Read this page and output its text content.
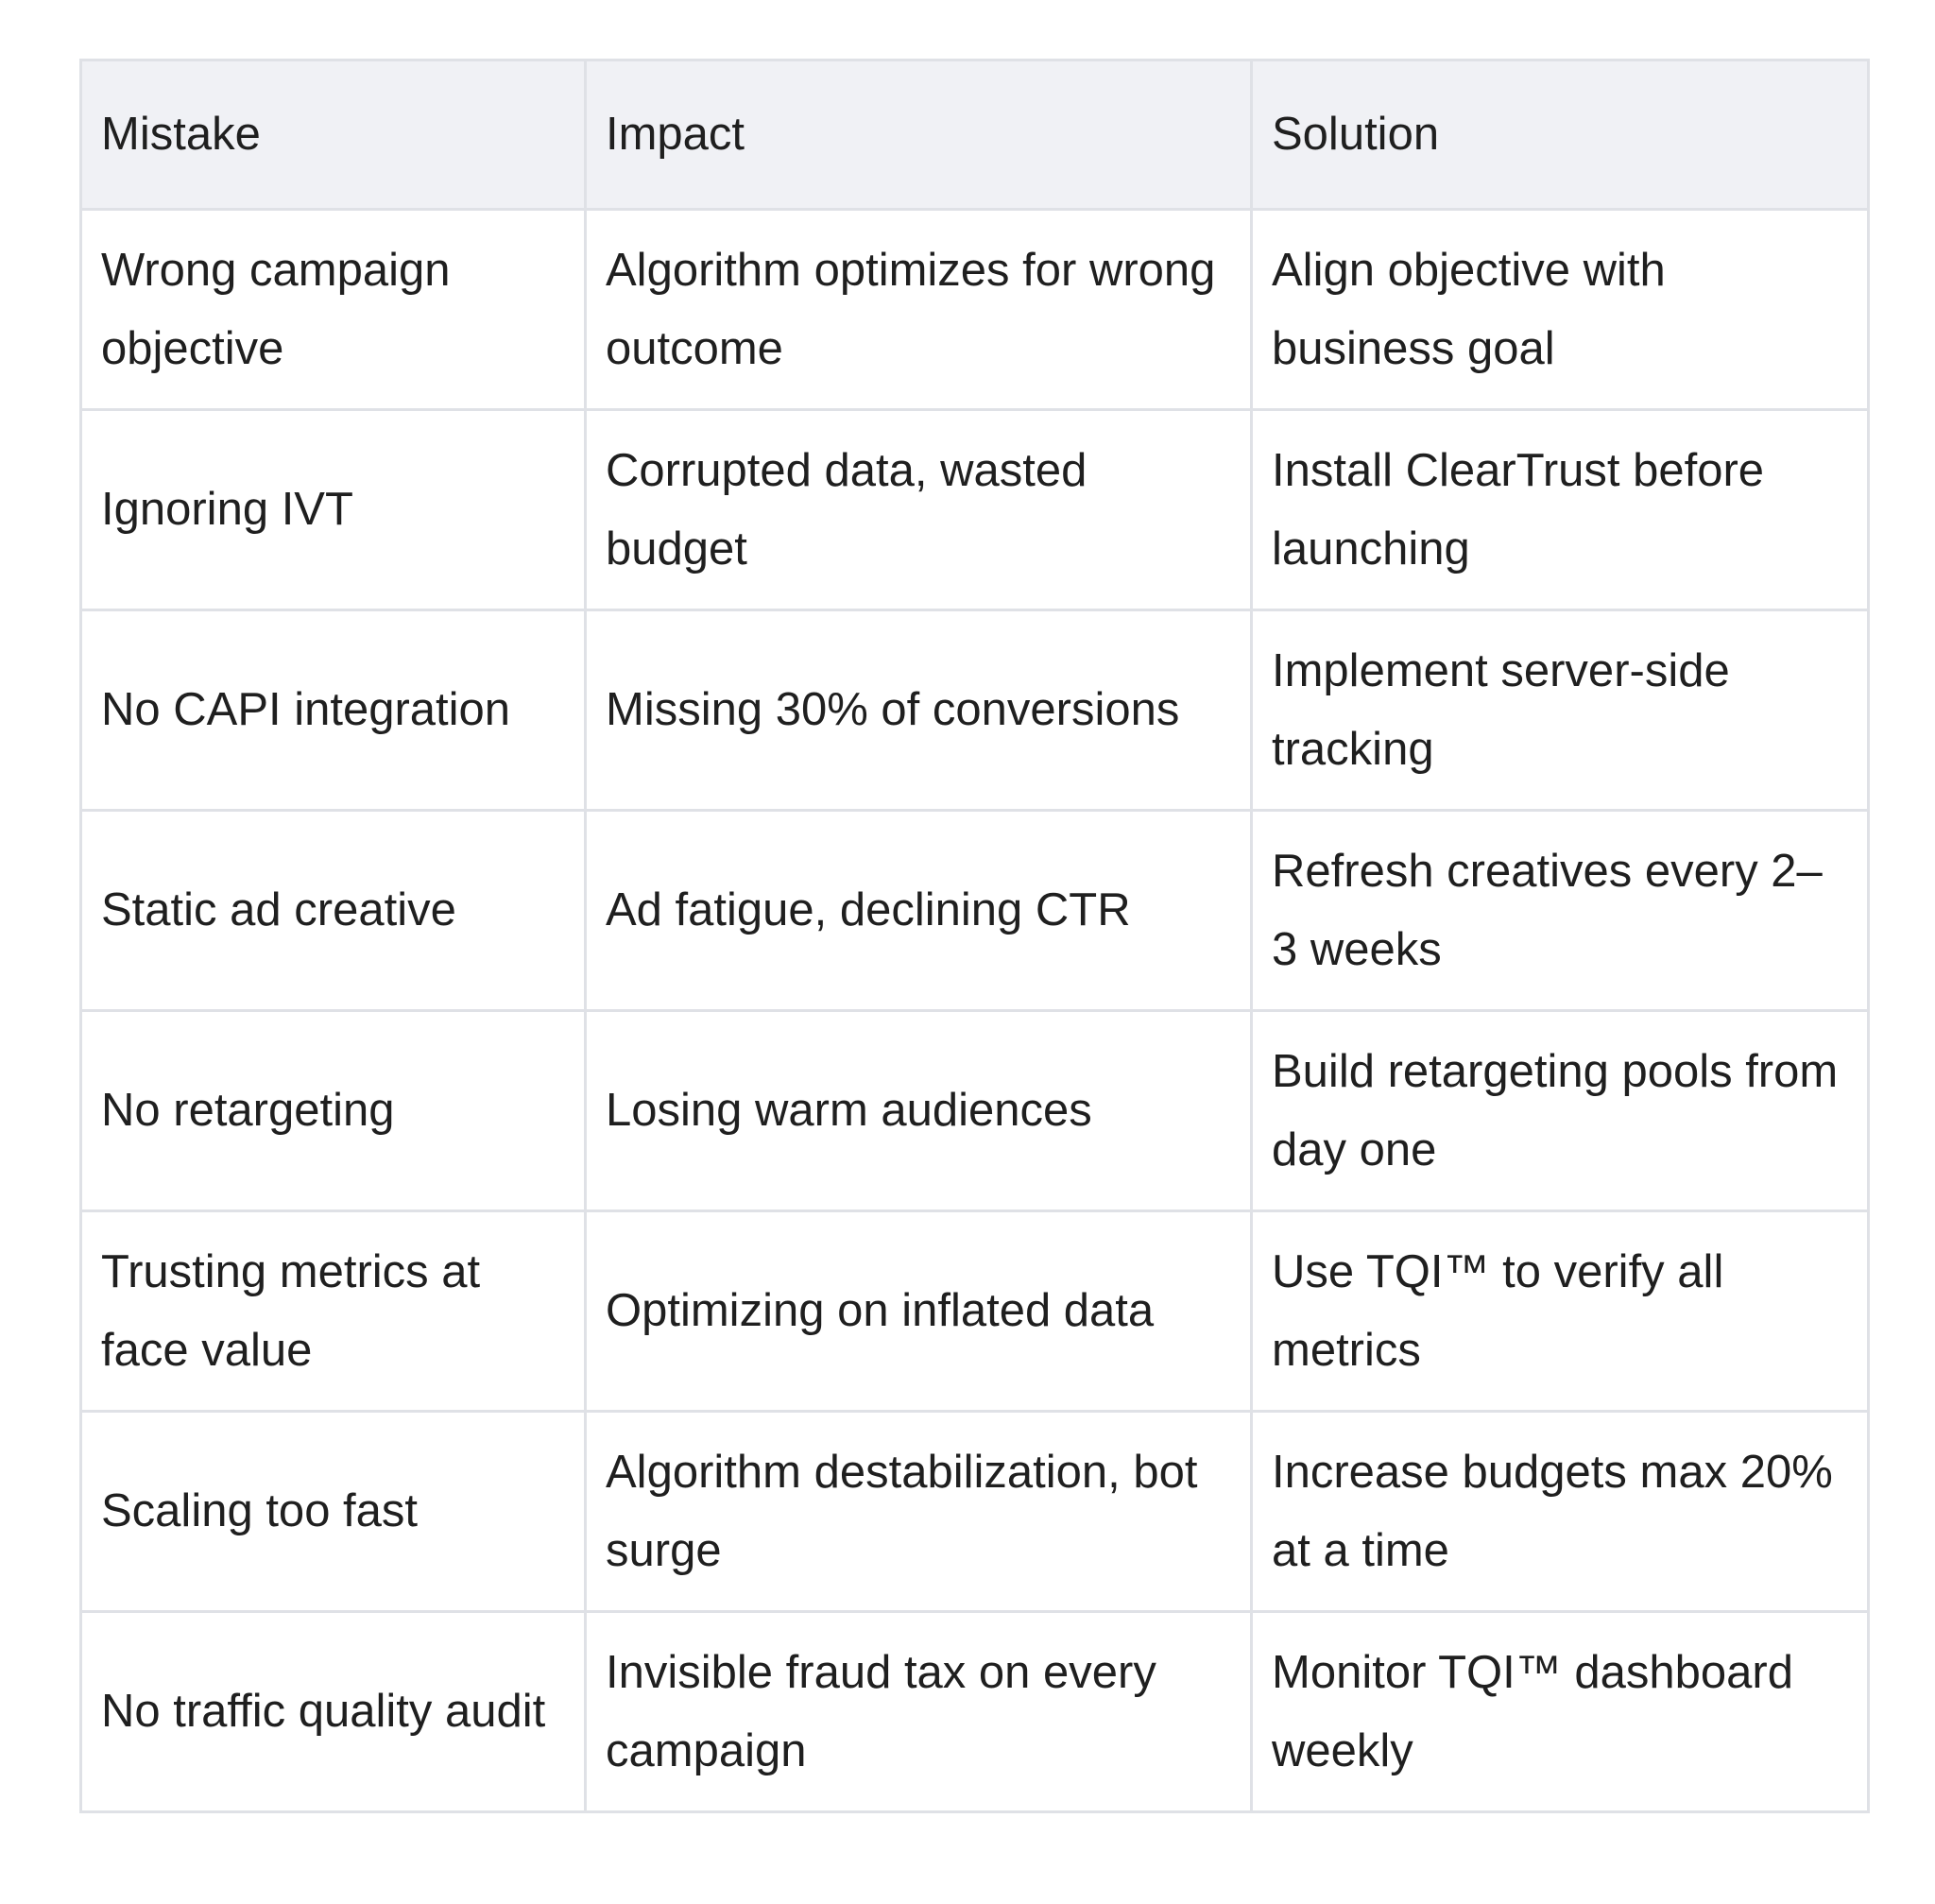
Mistake	Impact	Solution
Wrong campaign objective	Algorithm optimizes for wrong outcome	Align objective with business goal
Ignoring IVT	Corrupted data, wasted budget	Install ClearTrust before launching
No CAPI integration	Missing 30% of conversions	Implement server-side tracking
Static ad creative	Ad fatigue, declining CTR	Refresh creatives every 2–3 weeks
No retargeting	Losing warm audiences	Build retargeting pools from day one
Trusting metrics at face value	Optimizing on inflated data	Use TQI™ to verify all metrics
Scaling too fast	Algorithm destabilization, bot surge	Increase budgets max 20% at a time
No traffic quality audit	Invisible fraud tax on every campaign	Monitor TQI™ dashboard weekly
